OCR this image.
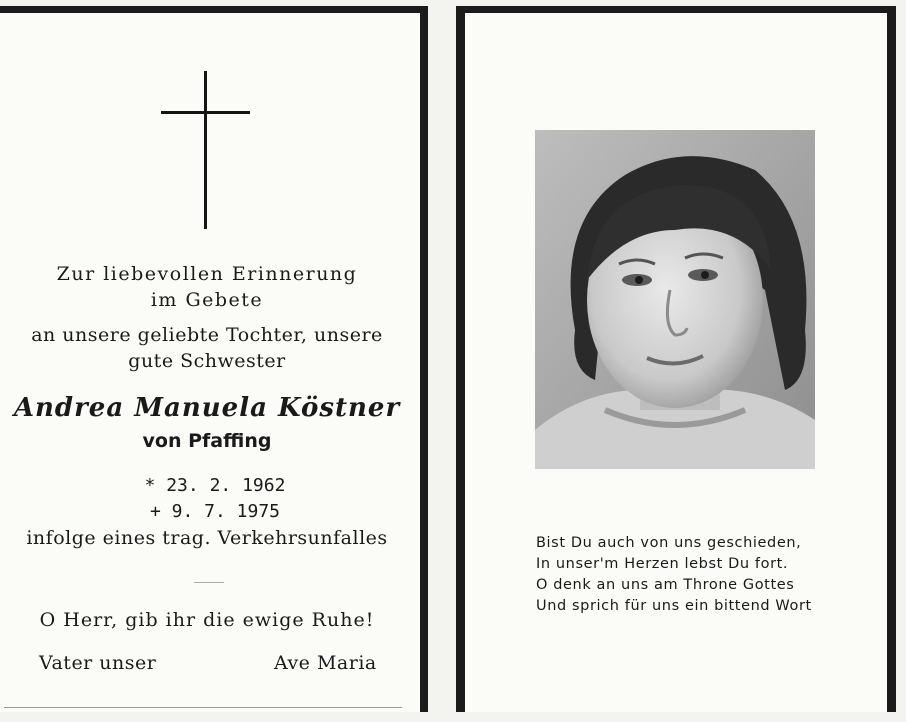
Zur liebevollen Erinnerung
im Gebete
an unsere geliebte Tochter, unsere
gute Schwester
Andrea Manuela Köstner
von Pfaffing
* 23. 2. 1962
+ 9. 7. 1975
infolge eines trag. Verkehrsunfalles
O Herr, gib ihr die ewige Ruhe!
Vater unser	Ave Maria
Bist Du auch von uns geschieden,
In unser'm Herzen lebst Du fort.
O denk an uns am Throne Gottes
Und sprich für uns ein bittend Wort
